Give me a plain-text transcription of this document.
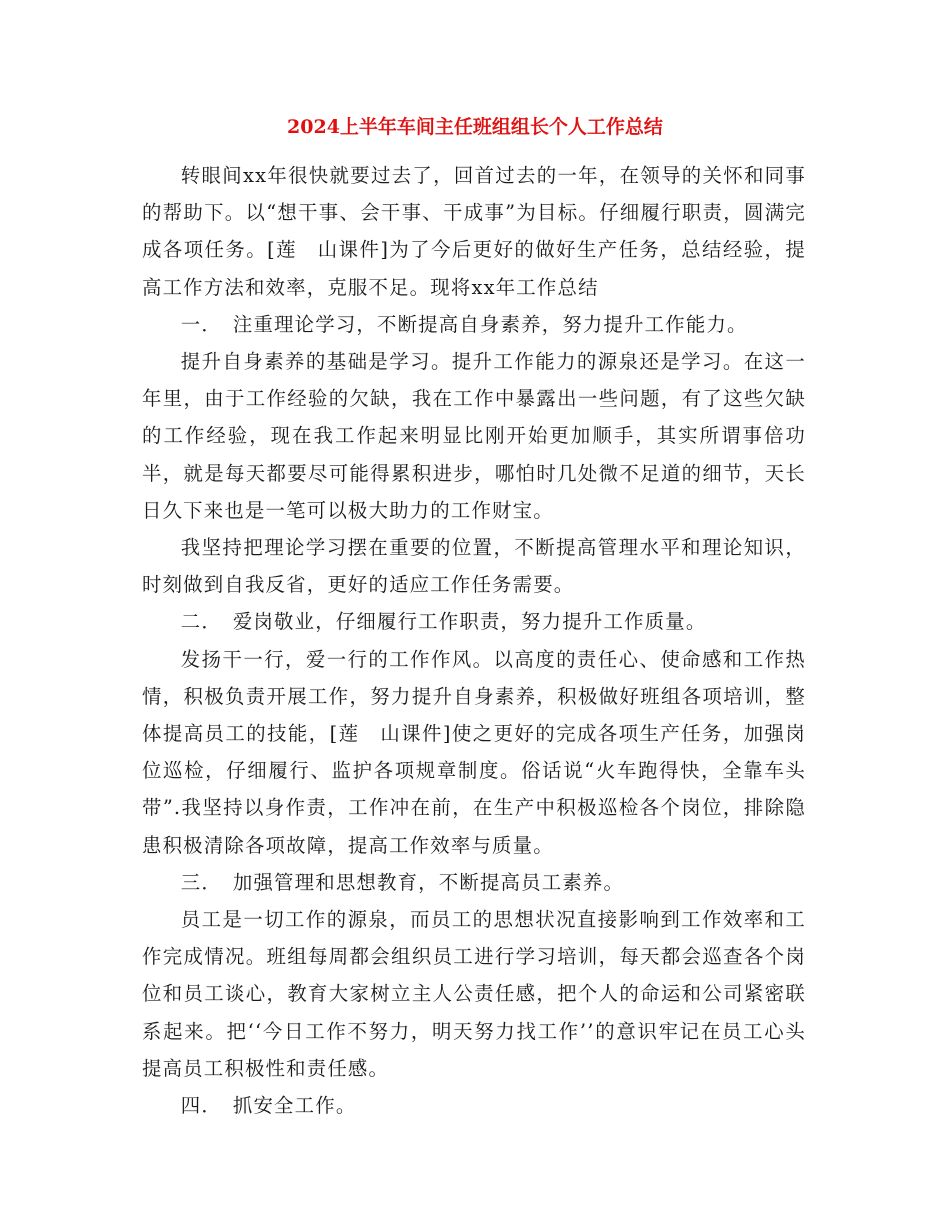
2024上半年车间主任班组组长个人工作总结

转眼间xx年很快就要过去了，回首过去的一年，在领导的关怀和同事的帮助下。以“想干事、会干事、干成事”为目标。仔细履行职责，圆满完成各项任务。[莲　山课件]为了今后更好的做好生产任务，总结经验，提高工作方法和效率，克服不足。现将xx年工作总结

一．　注重理论学习，不断提高自身素养，努力提升工作能力。

提升自身素养的基础是学习。提升工作能力的源泉还是学习。在这一年里，由于工作经验的欠缺，我在工作中暴露出一些问题，有了这些欠缺的工作经验，现在我工作起来明显比刚开始更加顺手，其实所谓事倍功半，就是每天都要尽可能得累积进步，哪怕时几处微不足道的细节，天长日久下来也是一笔可以极大助力的工作财宝。

我坚持把理论学习摆在重要的位置，不断提高管理水平和理论知识，时刻做到自我反省，更好的适应工作任务需要。

二．　爱岗敬业，仔细履行工作职责，努力提升工作质量。

发扬干一行，爱一行的工作作风。以高度的责任心、使命感和工作热情，积极负责开展工作，努力提升自身素养，积极做好班组各项培训，整体提高员工的技能，[莲　山课件]使之更好的完成各项生产任务，加强岗位巡检，仔细履行、监护各项规章制度。俗话说“火车跑得快，全靠车头带”.我坚持以身作责，工作冲在前，在生产中积极巡检各个岗位，排除隐患积极清除各项故障，提高工作效率与质量。

三．　加强管理和思想教育，不断提高员工素养。

员工是一切工作的源泉，而员工的思想状况直接影响到工作效率和工作完成情况。班组每周都会组织员工进行学习培训，每天都会巡查各个岗位和员工谈心，教育大家树立主人公责任感，把个人的命运和公司紧密联系起来。把‘‘今日工作不努力，明天努力找工作’’的意识牢记在员工心头提高员工积极性和责任感。

四．　抓安全工作。
